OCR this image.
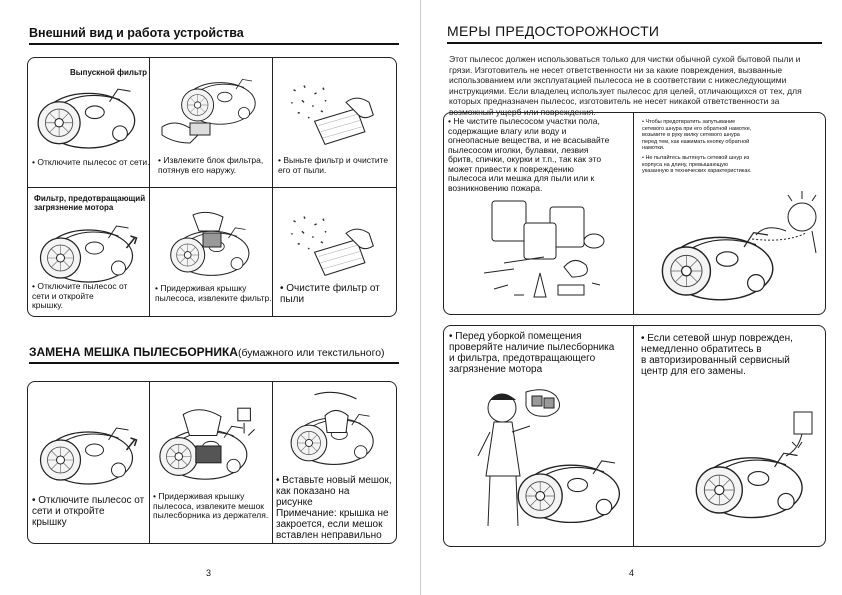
Внешний вид и работа устройства
Выпускной фильтр
• Отключите пылесос от сети. • Извлеките блок фильтра,
потянув его наружу.
• Выньте фильтр и очистите
его от пыли.
Фильтр, предотвращающий
загрязнение мотора
• Отключите пылесос от
сети и откройте
крышку.
• Придерживая крышку
пылесоса, извлеките фильтр.
• Очистите фильтр от
пыли
ЗАМЕНА МЕШКА ПЫЛЕСБОРНИКА(бумажного или текстильного)
• Отключите пылесос от
сети и откройте
крышку
• Придерживая крышку
пылесоса, извлеките мешок
пылесборника из держателя.
• Вставьте новый мешок,
как показано на
рисунке
Примечание: крышка не
закроется, если мешок
вставлен неправильно
3
МЕРЫ ПРЕДОСТОРОЖНОСТИ
Этот пылесос должен использоваться только для чистки обычной сухой бытовой пыли и грязи. Изготовитель не несет ответственности ни за какие повреждения, вызванные использованием или эксплуатацией пылесоса не в соответствии с нижеследующими инструкциями. Если владелец использует пылесос для целей, отличающихся от тех, для которых предназначен пылесос, изготовитель не несет никакой ответственности за возможный ущерб или повреждения.
• Не чистите пылесосом участки пола,
содержащие влагу или воду и
огнеопасные вещества, и не всасывайте
пылесосом иголки, булавки, лезвия
бритв, спички, окурки и т.п., так как это
может привести к повреждению
пылесоса или мешка для пыли или к
возникновению пожара.
• Чтобы предотвратить запутывание
сетевого шнура при его обратной намотке,
возьмите в руку вилку сетевого шнура
перед тем, как нажимать кнопку обратной
намотки.
• Не пытайтесь вытянуть сетевой шнур из
корпуса на длину, превышающую
указанную в технических характеристиках.
• Перед уборкой помещения
проверяйте наличие пылесборника
и фильтра, предотвращающего
загрязнение мотора
• Если сетевой шнур поврежден,
немедленно обратитесь в
в авторизированный сервисный
центр для его замены.
4
